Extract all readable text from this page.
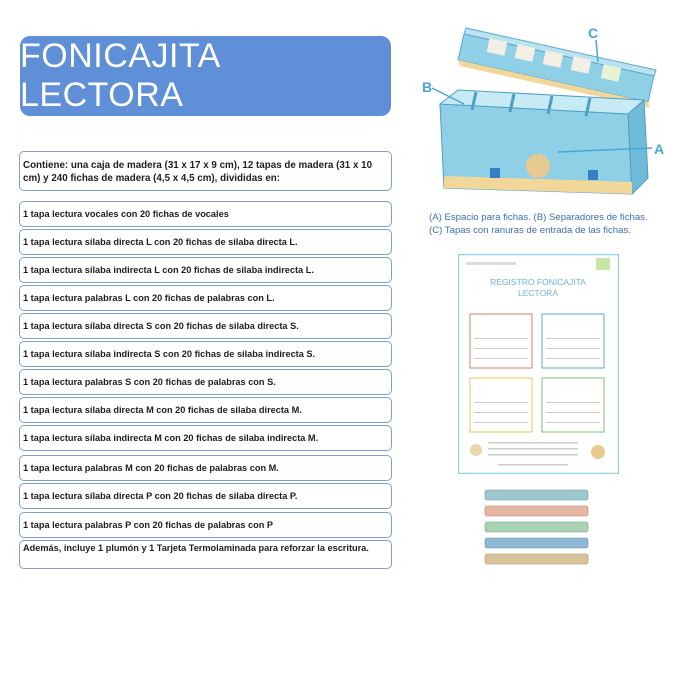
FONICAJITA LECTORA
Contiene: una caja de madera (31 x 17 x 9 cm), 12 tapas de madera (31 x 10 cm) y 240 fichas de madera (4,5 x 4,5 cm), divididas en:
1 tapa lectura vocales con 20 fichas de vocales
1 tapa lectura sílaba directa L con 20 fichas de silaba directa L.
1 tapa lectura sílaba indirecta L con 20 fichas de silaba indirecta L.
1 tapa lectura palabras L con 20 fichas de palabras con L.
1 tapa lectura sílaba directa S con 20 fichas de silaba directa S.
1 tapa lectura sílaba indirecta S con 20 fichas de silaba indirecta S.
1 tapa lectura palabras S con 20 fichas de palabras con S.
1 tapa lectura sílaba directa M con 20 fichas de silaba directa M.
1 tapa lectura sílaba indirecta M con 20 fichas de silaba indirecta M.
1 tapa lectura palabras M con 20 fichas de palabras con M.
1 tapa lectura sílaba directa P con 20 fichas de silaba directa P.
1 tapa lectura palabras P con 20 fichas de palabras con P
Además, incluye 1 plumón y 1 Tarjeta Termolaminada para reforzar la escritura.
B
C
A
(A) Espacio para fichas. (B) Separadores de fichas.
(C) Tapas con ranuras de entrada de las fichas.
REGISTRO FONICAJITA
LECTORA
